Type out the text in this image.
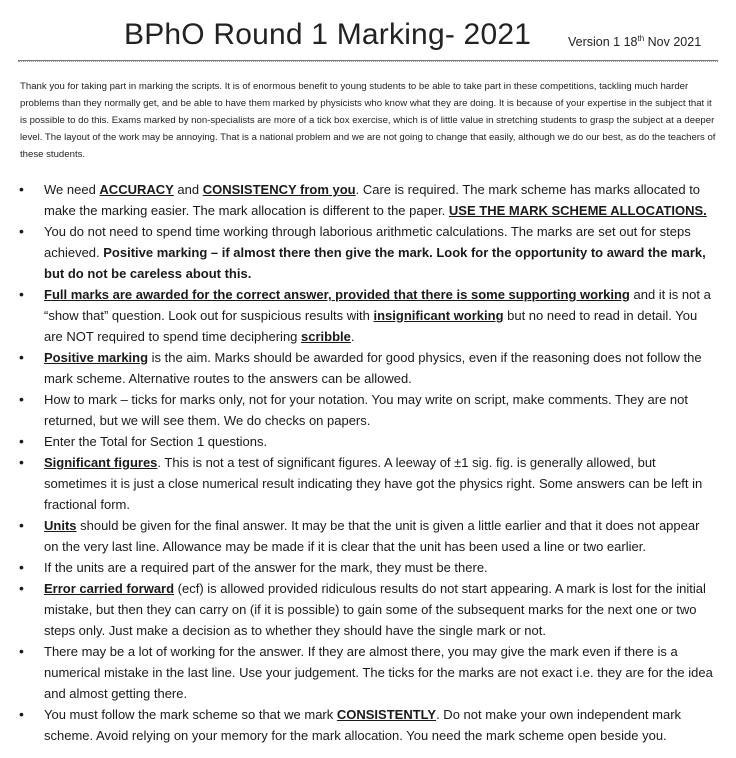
BPhO Round 1 Marking- 2021	Version 1 18th Nov 2021

Thank you for taking part in marking the scripts. It is of enormous benefit to young students to be able to take part in these competitions, tackling much harder problems than they normally get, and be able to have them marked by physicists who know what they are doing. It is because of your expertise in the subject that it is possible to do this. Exams marked by non-specialists are more of a tick box exercise, which is of little value in stretching students to grasp the subject at a deeper level. The layout of the work may be annoying. That is a national problem and we are not going to change that easily, although we do our best, as do the teachers of these students.

• We need ACCURACY and CONSISTENCY from you. Care is required. The mark scheme has marks allocated to make the marking easier. The mark allocation is different to the paper. USE THE MARK SCHEME ALLOCATIONS.
• You do not need to spend time working through laborious arithmetic calculations. The marks are set out for steps achieved. Positive marking – if almost there then give the mark. Look for the opportunity to award the mark, but do not be careless about this.
• Full marks are awarded for the correct answer, provided that there is some supporting working and it is not a “show that” question. Look out for suspicious results with insignificant working but no need to read in detail. You are NOT required to spend time deciphering scribble.
• Positive marking is the aim. Marks should be awarded for good physics, even if the reasoning does not follow the mark scheme. Alternative routes to the answers can be allowed.
• How to mark – ticks for marks only, not for your notation. You may write on script, make comments. They are not returned, but we will see them. We do checks on papers.
• Enter the Total for Section 1 questions.
• Significant figures. This is not a test of significant figures. A leeway of ±1 sig. fig. is generally allowed, but sometimes it is just a close numerical result indicating they have got the physics right. Some answers can be left in fractional form.
• Units should be given for the final answer. It may be that the unit is given a little earlier and that it does not appear on the very last line. Allowance may be made if it is clear that the unit has been used a line or two earlier.
• If the units are a required part of the answer for the mark, they must be there.
• Error carried forward (ecf) is allowed provided ridiculous results do not start appearing. A mark is lost for the initial mistake, but then they can carry on (if it is possible) to gain some of the subsequent marks for the next one or two steps only. Just make a decision as to whether they should have the single mark or not.
• There may be a lot of working for the answer. If they are almost there, you may give the mark even if there is a numerical mistake in the last line. Use your judgement. The ticks for the marks are not exact i.e. they are for the idea and almost getting there.
• You must follow the mark scheme so that we mark CONSISTENTLY. Do not make your own independent mark scheme. Avoid relying on your memory for the mark allocation. You need the mark scheme open beside you.
